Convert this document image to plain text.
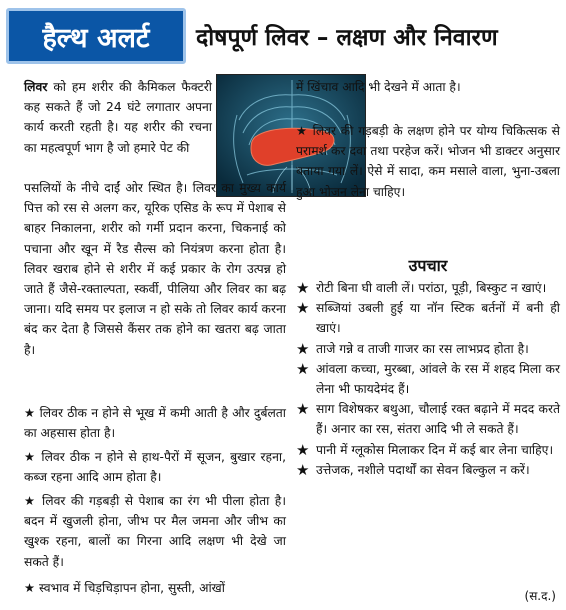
हैल्थ अलर्ट	दोषपूर्ण लिवर – लक्षण और निवारण

लिवर को हम शरीर की कैमिकल फैक्टरी कह सकते हैं जो 24 घंटे लगातार अपना कार्य करती रहती है। यह शरीर की रचना का महत्वपूर्ण भाग है जो हमारे पेट की

पसलियों के नीचे दाईं ओर स्थित है। लिवर का मुख्य कार्य पित्त को रस से अलग कर, यूरिक एसिड के रूप में पेशाब से बाहर निकालना, शरीर को गर्मी प्रदान करना, चिकनाई को पचाना और खून में रैड सैल्स को नियंत्रण करना होता है। लिवर खराब होने से शरीर में कई प्रकार के रोग उत्पन्न हो जाते हैं जैसे-रक्ताल्पता, स्कर्वी, पीलिया और लिवर का बढ़ जाना। यदि समय पर इलाज न हो सके तो लिवर कार्य करना बंद कर देता है जिससे कैंसर तक होने का खतरा बढ़ जाता है।

★ लिवर ठीक न होने से भूख में कमी आती है और दुर्बलता का अहसास होता है।

★ लिवर ठीक न होने से हाथ-पैरों में सूजन, बुखार रहना, कब्ज रहना आदि आम होता है।

★ लिवर की गड़बड़ी से पेशाब का रंग भी पीला होता है। बदन में खुजली होना, जीभ पर मैल जमना और जीभ का खुश्क रहना, बालों का गिरना आदि लक्षण भी देखे जा सकते हैं।

★ स्वभाव में चिड़चिड़ापन होना, सुस्ती, आंखों

में खिंचाव आदि भी देखने में आता है।

★ लिवर की गड़बड़ी के लक्षण होने पर योग्य चिकित्सक से परामर्श कर दवा तथा परहेज करें। भोजन भी डाक्टर अनुसार बताया गया लें। ऐसे में सादा, कम मसाले वाला, भुना-उबला हुआ भोजन लेना चाहिए।

उपचार
★ रोटी बिना घी वाली लें। परांठा, पूड़ी, बिस्कुट न खाएं।
★ सब्जियां उबली हुई या नॉन स्टिक बर्तनों में बनी ही खाएं।
★ ताजे गन्ने व ताजी गाजर का रस लाभप्रद होता है।
★ आंवला कच्चा, मुरब्बा, आंवले के रस में शहद मिला कर लेना भी फायदेमंद हैं।
★ साग विशेषकर बथुआ, चौलाई रक्त बढ़ाने में मदद करते हैं। अनार का रस, संतरा आदि भी ले सकते हैं।
★ पानी में ग्लूकोस मिलाकर दिन में कई बार लेना चाहिए।
★ उत्तेजक, नशीले पदार्थों का सेवन बिल्कुल न करें।
(स.द.)
